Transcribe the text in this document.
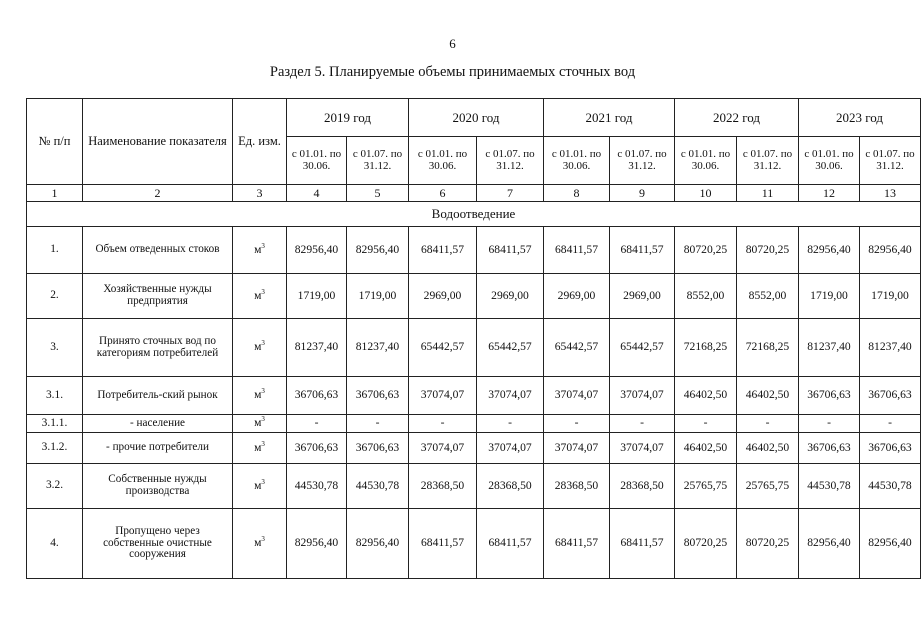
6
Раздел 5. Планируемые объемы принимаемых сточных вод
№ п/п	Наименование показателя	Ед. изм.	2019 год		2020 год		2021 год		2022 год		2023 год	
			с 01.01. по 30.06.	с 01.07. по 31.12.	с 01.01. по 30.06.	с 01.07. по 31.12.	с 01.01. по 30.06.	с 01.07. по 31.12.	с 01.01. по 30.06.	с 01.07. по 31.12.	с 01.01. по 30.06.	с 01.07. по 31.12.
1	2	3	4	5	6	7	8	9	10	11	12	13
Водоотведение												
1.	Объем отведенных стоков	$м^3$	82956,40	82956,40	68411,57	68411,57	68411,57	68411,57	80720,25	80720,25	82956,40	82956,40
2.	Хозяйственные нужды предприятия	$м^3$	1719,00	1719,00	2969,00	2969,00	2969,00	2969,00	8552,00	8552,00	1719,00	1719,00
3.	Принято сточных вод по категориям потребителей	$м^3$	81237,40	81237,40	65442,57	65442,57	65442,57	65442,57	72168,25	72168,25	81237,40	81237,40
3.1.	Потребитель-ский рынок	$м^3$	36706,63	36706,63	37074,07	37074,07	37074,07	37074,07	46402,50	46402,50	36706,63	36706,63
3.1.1.	- население	$м^3$	-	-	-	-	-	-	-	-	-	-
3.1.2.	- прочие потребители	$м^3$	36706,63	36706,63	37074,07	37074,07	37074,07	37074,07	46402,50	46402,50	36706,63	36706,63
3.2.	Собственные нужды производства	$м^3$	44530,78	44530,78	28368,50	28368,50	28368,50	28368,50	25765,75	25765,75	44530,78	44530,78
4.	Пропущено через собственные очистные сооружения	$м^3$	82956,40	82956,40	68411,57	68411,57	68411,57	68411,57	80720,25	80720,25	82956,40	82956,40
